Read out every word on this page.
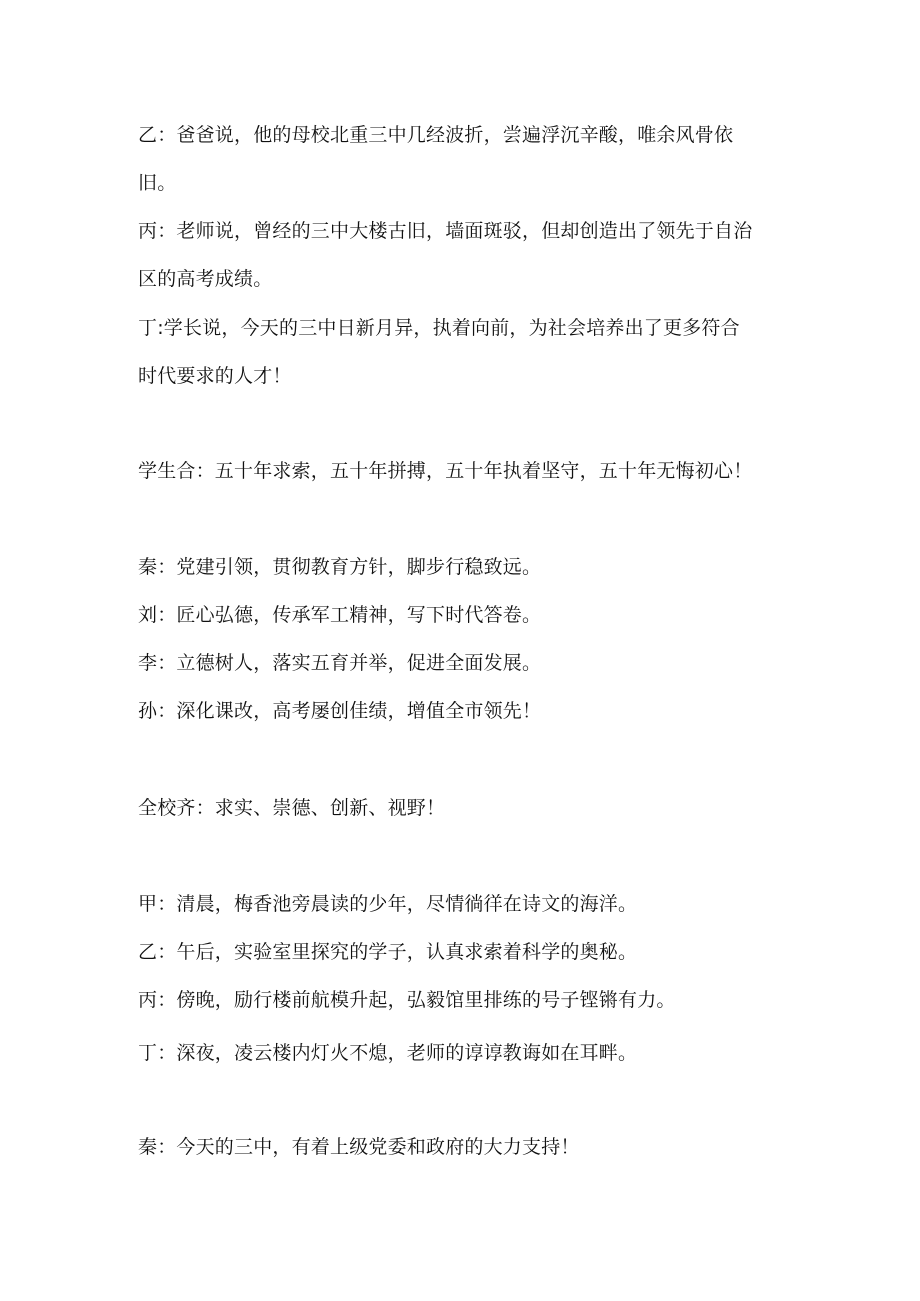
乙：爸爸说，他的母校北重三中几经波折，尝遍浮沉辛酸，唯余风骨依
旧。
丙：老师说，曾经的三中大楼古旧，墙面斑驳，但却创造出了领先于自治
区的高考成绩。
丁:学长说，今天的三中日新月异，执着向前，为社会培养出了更多符合
时代要求的人才！
学生合：五十年求索，五十年拼搏，五十年执着坚守，五十年无悔初心！
秦：党建引领，贯彻教育方针，脚步行稳致远。
刘：匠心弘德，传承军工精神，写下时代答卷。
李：立德树人，落实五育并举，促进全面发展。
孙：深化课改，高考屡创佳绩，增值全市领先！
全校齐：求实、崇德、创新、视野！
甲：清晨，梅香池旁晨读的少年，尽情徜徉在诗文的海洋。
乙：午后，实验室里探究的学子，认真求索着科学的奥秘。
丙：傍晚，励行楼前航模升起，弘毅馆里排练的号子铿锵有力。
丁：深夜，凌云楼内灯火不熄，老师的谆谆教诲如在耳畔。
秦：今天的三中，有着上级党委和政府的大力支持！
